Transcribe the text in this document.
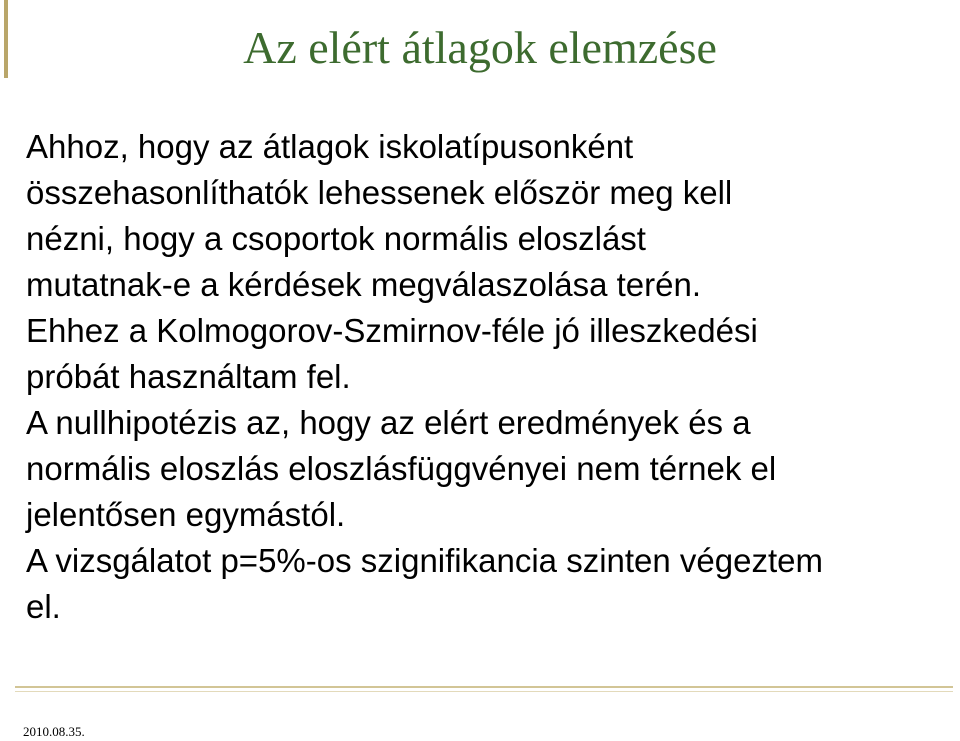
Az elért átlagok elemzése

Ahhoz, hogy az átlagok iskolatípusonként
összehasonlíthatók lehessenek először meg kell
nézni, hogy a csoportok normális eloszlást
mutatnak-e a kérdések megválaszolása terén.

Ehhez a Kolmogorov-Szmirnov-féle jó illeszkedési
próbát használtam fel.

A nullhipotézis az, hogy az elért eredmények és a
normális eloszlás eloszlásfüggvényei nem térnek el
jelentősen egymástól.

A vizsgálatot p=5%-os szignifikancia szinten végeztem
el.

2010.08.35.
